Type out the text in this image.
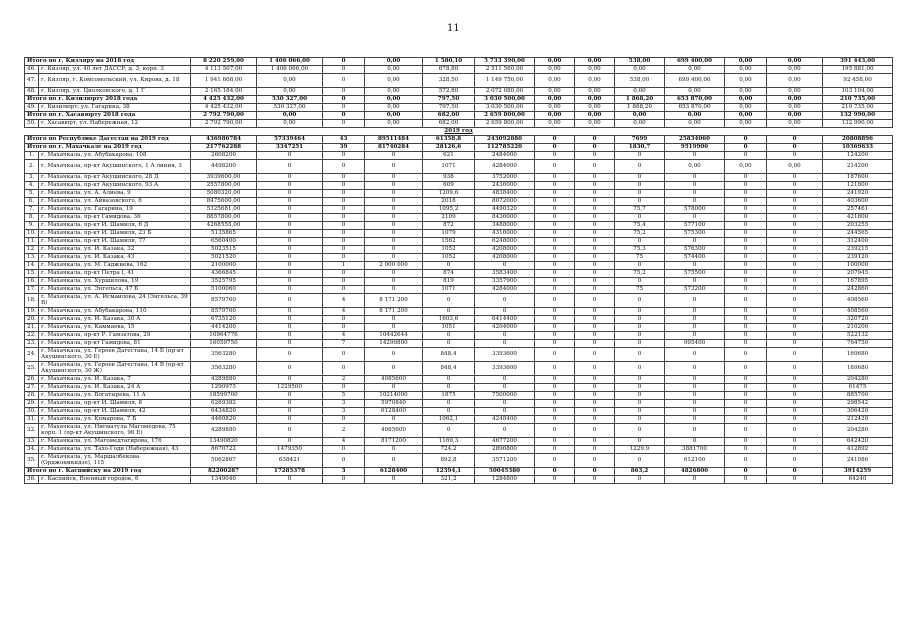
11
Итого по г. Кизляру на 2018 год		8 220 259,00	1 406 066,00	0	0,00	1 580,10	5 733 390,00	0,00	0,00	538,00	699 400,00	0,00	0,00	391 443,00
46.	г. Кизляр, ул. 40 лет ДАССР, д. 3, корп. 3	4 113 507,00	1 406 066,00	0	0,00	678,80	2 511 560,00	0,00	0,00	0,00	0,00	0,00	0,00	195 881,00
47.	г. Кизляр, г. Комсомольский, ул. Кирова, д. 18	1 941 608,00	0,00	0	0,00	328,50	1 149 750,00	0,00	0,00	538,00	699 400,00	0,00	0,00	92 458,00
48.	г. Кизляр, ул. Циолковского, д. 1 Г	2 165 184,00	0,00	0	0,00	572,80	2 072 080,00	0,00	0,00	0,00	0,00	0,00	0,00	103 104,00
Итого по г. Кизилюрту 2018 года		4 425 432,00	530 327,00	0	0,00	797,50	3 030 500,00	0,00	0,00	1 868,20	653 870,00	0,00	0,00	210 735,00
49.	г. Кизилюрт, ул. Гагарина, 38	4 425 432,00	530 327,00	0	0,00	797,50	3 030 500,00	0,00	0,00	1 868,20	653 870,00	0,00	0,00	210 735,00
Итого по г. Хасавюрту 2018 года		2 792 790,00	0,00	0	0,00	682,00	2 659 800,00	0,00	0,00	0,00	0,00	0,00	0,00	132 990,00
50.	г. Хасавюрт, ул. Набережная, 12	2 792 790,00	0,00	0	0,00	682,00	2 659 800,00	0,00	0,00	0,00	0,00	0,00	0,00	132 990,00
2019 год														
Итого по Республике Дагестан на 2019 год		436986784	57339464	43	89511484	61358,8	243092880	0	0	7699	25834060	0	0	20808896
Итого по г. Махачкале на 2019 год		217762288	3347251	39	81740284	28126,6	112785220	0	0	1830,7	9519900	0	0	10369633
1.	г. Махачкала, ул. Абубакарова, 108	2608200	0	0	0	621	2484000	0	0	0	0	0	0	124200
2.	г. Махачкала, пр-кт Акушинского, 1 А линия, 3	4498200	0	0	0	1071	4284000	0	0	0	0,00	0,00	0,00	214200
3.	г. Махачкала, пр-кт Акушинского, 28 Д	3939600,00	0	0	0	938	3752000	0	0	0	0	0	0	187600
4.	г. Махачкала, пр-кт Акушинского, 93 А	2557800,00	0	0	0	609	2436000	0	0	0	0	0	0	121800
5.	г. Махачкала, ул. А. Алиева, 9	5080320,00	0	0	0	1209,6	4838400	0	0	0	0	0	0	241920
6.	г. Махачкала, ул. Айвазовского, 6	8475600,00	0	0	0	2018	8072000	0	0	0	0	0	0	403600
7.	г. Махачкала, ул. Гагарина, 19	5325681,00	0	0	0	1095,2	4490320	0	0	75,7	578000	0	0	257461
8.	г. Махачкала, пр-кт Гамидова, 36	8857800,00	0	0	0	2109	8436000	0	0	0	0	0	0	421800
9.	г. Махачкала, пр-кт И. Шамиля, 6 Д	4268555,00	0	0	0	872	3488000	0	0	75,4	577100	0	0	203255
10.	г. Махачкала, пр-кт И. Шамиля, 23 Б	5135865	0	0	0	1079	4316000	0	0	75,2	575300	0	0	244565
11.	г. Махачкала, пр-кт И. Шамиля, 77	6560400	0	0	0	1562	6248000	0	0	0	0	0	0	312400
12.	г. Махачкала, ул. И. Казака, 32	5023515	0	0	0	1052	4208000	0	0	75,3	576300	0	0	239215
13.	г. Махачкала, ул. И. Казака, 43	5021520	0	0	0	1052	4208000	0	0	75	574400	0	0	239120
14.	г. Махачкала, ул. М. Гаджиева, 162	2100000	0	1	2 000 000	0	0	0	0	0	0	0	0	100000
15.	г. Махачкала, пр-кт Петра I, 41	4366845	0	0	0	874	3583400	0	0	75,2	575500	0	0	207945
16.	г. Махачкала, ул. Хуршилова, 19	3525795	0	0	0	819	3357900	0	0	0	0	0	0	167895
17.	г. Махачкала, ул. Энгельса, 47 Б	5100060	0	0	0	1071	4284000	0	0	75	573200	0	0	242860
18.	г. Махачкала, ул. А. Исмаилова, 24 (Энгельса, 39 В)	8579760	0	4	8 171 200	0	0	0	0	0	0	0	0	408560
19.	г. Махачкала, ул. Абубакарова, 110	8579760	0	4	8 171 200	0	0	0	0	0	0	0	0	408560
20.	г. Махачкала, ул. И. Казака, 30 А	6735120	0	0	0	1603,6	6414400	0	0	0	0	0	0	320720
21.	г. Махачкала, ул. Каммаева, 15	4414200	0	0	0	1051	4204000	0	0	0	0	0	0	210200
22.	г. Махачкала, пр-кт Р. Гамзатова, 29	10964776	0	4	10442644	0	0	0	0	0	0	0	0	522132
23.	г. Махачкала, пр-кт Гамидова, 81	16059750	0	7	14299800	0	0	0	0	0	995400	0	0	764750
24.	г. Махачкала, ул. Героев Дагестана, 14 Б (пр-кт Акушинского, 30 Е)	3563280	0	0	0	848,4	3393600	0	0	0	0	0	0	169680
25.	г. Махачкала, ул. Героев Дагестана, 14 В (пр-кт Акушинского, 30 Ж)	3563280	0	0	0	848,4	3393600	0	0	0	0	0	0	169680
26.	г. Махачкала, ул. И. Казака, 7	4289880	0	2	4085600	0	0	0	0	0	0	0	0	204280
27.	г. Махачкала, ул. И. Казака, 24 А	1290975	1229500	0	0	0	0	0	0	0	0	0	0	61475
28.	г. Махачкала, ул. Богатырева, 11 А	18599700	0	5	10214000	1875	7500000	0	0	0	0	0	0	885700
29.	г. Махачкала, пр-кт И. Шамиля, 8	6269382	0	3	5970840	0	0	0	0	0	0	0	0	298542
30.	г. Махачкала, пр-кт И. Шамиля, 42	6434820	0	3	6128400	0	0	0	0	0	0	0	0	306420
31.	г. Махачкала, ул. Комарова, 7 Б	4460820	0	0	0	1062,1	4248400	0	0	0	0	0	0	212420
32.	г. Махачкала, ул. Нигматула Магомедова, 75 корп. 1 (пр-кт Акушинского, 96 Е)	4289880	0	2	4085600	0	0	0	0	0	0	0	0	204280
33.	г. Махачкала, ул. Магомедтагирова, 176	13490820	0	4	8171200	1169,3	4677200	0	0	0	0	0	0	642420
34.	г. Махачкала, ул. Тахо-Годи (Набережная), 43	8670722	1479350	0	0	724,2	2896800	0	0	1229,9	3881700	0	0	412892
35.	г. Махачкала, ул. Маршалбекова (Орджоникидзе), 115	5062807	638421	0	0	892,8	3571200	0	0	0	612100	0	0	241086
Итого по г. Каспийску на 2019 год		82200287	17285378	3	6128400	12394,1	50045380	0	0	863,2	4826800	0	0	3914259
36.	г. Каспийск, Военный городок, 6	1349040	0	0	0	321,2	1284800	0	0	0	0	0	0	64240
